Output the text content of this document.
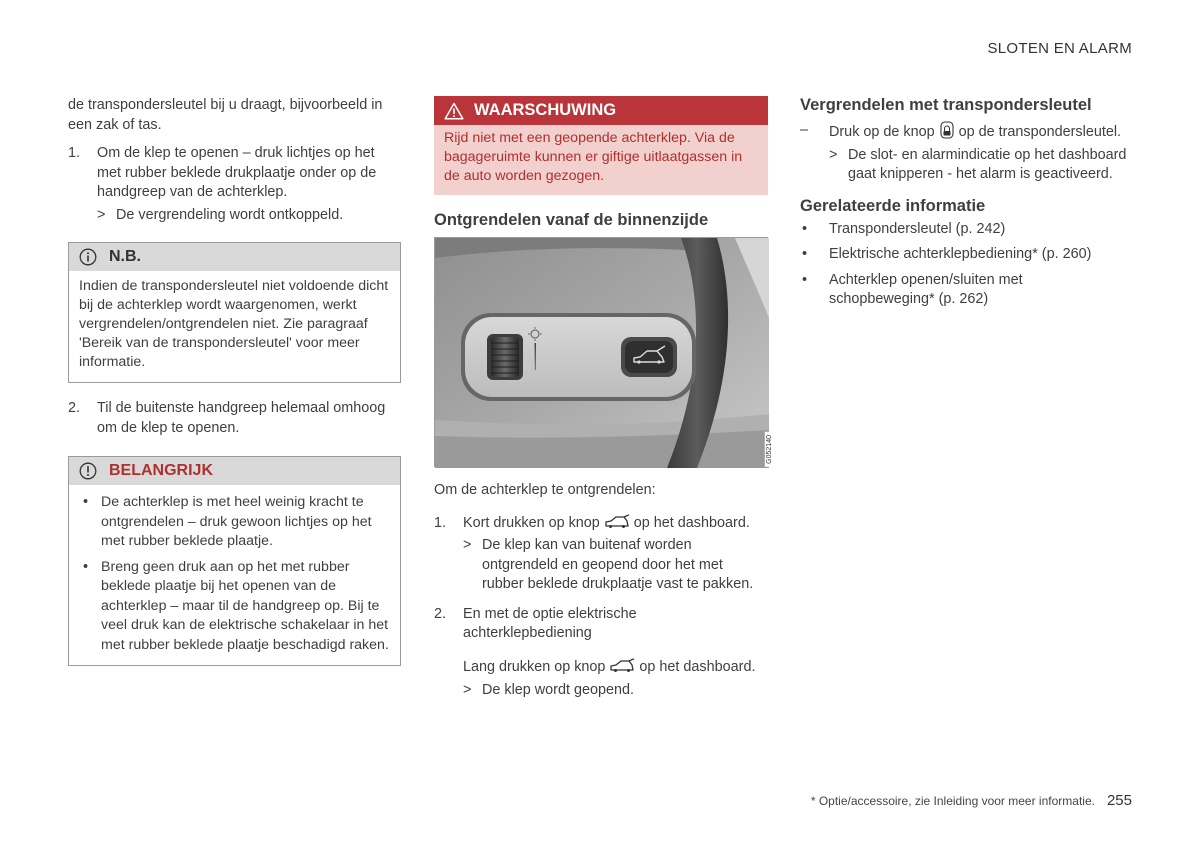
SLOTEN EN ALARM

de transpondersleutel bij u draagt, bijvoorbeeld in een zak of tas.

1.	Om de klep te openen – druk lichtjes op het met rubber beklede drukplaatje onder op de handgreep van de achterklep.

> De vergrendeling wordt ontkoppeld.

N.B.

Indien de transpondersleutel niet voldoende dicht bij de achterklep wordt waargenomen, werkt vergrendelen/ontgrendelen niet. Zie paragraaf 'Bereik van de transpondersleutel' voor meer informatie.

2.	Til de buitenste handgreep helemaal omhoog om de klep te openen.

BELANGRIJK
• De achterklep is met heel weinig kracht te ontgrendelen – druk gewoon lichtjes op het met rubber beklede plaatje.
• Breng geen druk aan op het met rubber beklede plaatje bij het openen van de achterklep – maar til de handgreep op. Bij te veel druk kan de elektrische schakelaar in het met rubber beklede plaatje beschadigd raken.
WAARSCHUWING
Rijd niet met een geopende achterklep. Via de bagageruimte kunnen er giftige uitlaatgassen in de auto worden gezogen.
Ontgrendelen vanaf de binnenzijde
G052140

Om de achterklep te ontgrendelen:

1.	Kort drukken op knop op het dashboard.

> De klep kan van buitenaf worden ontgrendeld en geopend door het met rubber beklede drukplaatje vast te pakken.

2.	En met de optie elektrische achterklepbediening

Lang drukken op knop op het dashboard.

> De klep wordt geopend.

Vergrendelen met transpondersleutel
–	Druk op de knop op de transpondersleutel.

> De slot- en alarmindicatie op het dashboard gaat knipperen - het alarm is geactiveerd.

Gerelateerde informatie
•	Transpondersleutel (p. 242)

•	Elektrische achterklepbediening* (p. 260)

•	Achterklep openen/sluiten met schopbeweging* (p. 262)

* Optie/accessoire, zie Inleiding voor meer informatie. 255
